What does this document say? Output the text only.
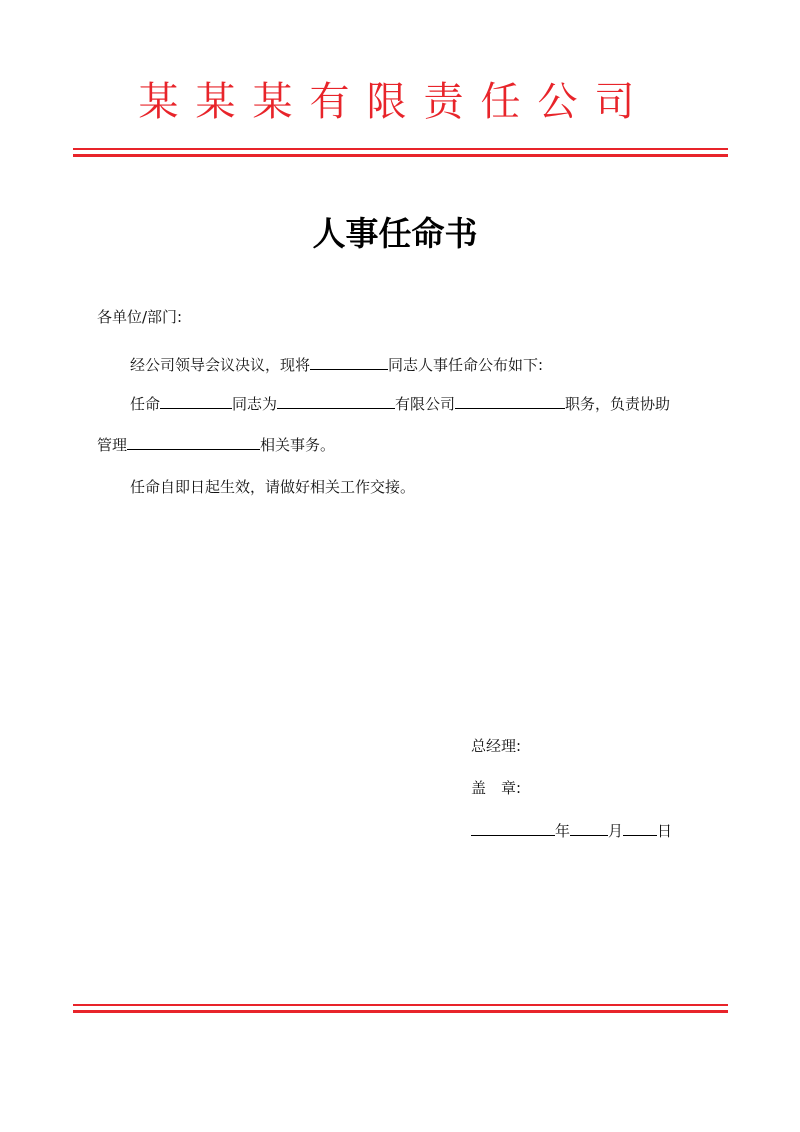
某某某有限责任公司
人事任命书
各单位/部门:
经公司领导会议决议，现将	同志人事任命公布如下:
任命	同志为	有限公司	职务，负责协助
管理	相关事务。
任命自即日起生效，请做好相关工作交接。
总经理:
盖　章:
年	月 日
